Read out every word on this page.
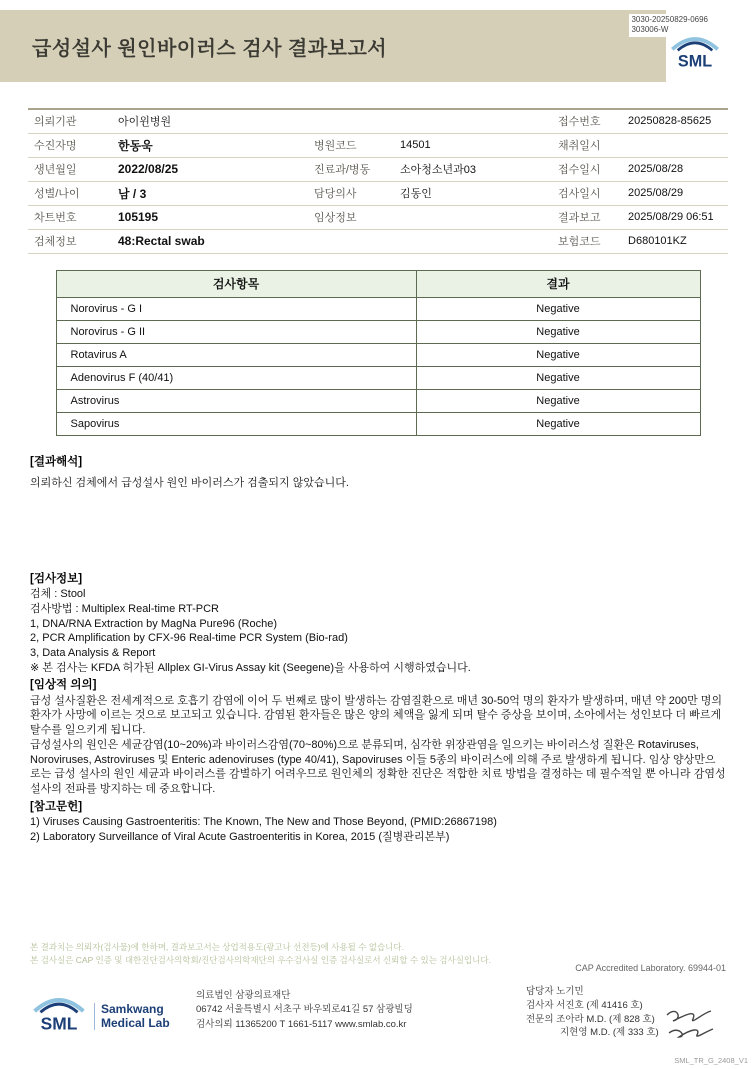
급성설사 원인바이러스 검사 결과보고서
3030-20250829-0696
303006-W
SML
의뢰기관	아이윈병원			접수번호	20250828-85625
수진자명	한동욱	병원코드	14501	채취일시	
생년월일	2022/08/25	진료과/병동	소아청소년과03	접수일시	2025/08/28
성별/나이	남 / 3	담당의사	김동인	검사일시	2025/08/29
차트번호	105195	임상정보		결과보고	2025/08/29 06:51
검체정보	48:Rectal swab			보험코드	D680101KZ
검사항목	결과
Norovirus - G I	Negative
Norovirus - G II	Negative
Rotavirus A	Negative
Adenovirus F (40/41)	Negative
Astrovirus	Negative
Sapovirus	Negative
[결과해석]
의뢰하신 검체에서 급성설사 원인 바이러스가 검출되지 않았습니다.
[검사정보]
검체 : Stool
검사방법 : Multiplex Real-time RT-PCR
1, DNA/RNA Extraction by MagNa Pure96 (Roche)
2, PCR Amplification by CFX-96 Real-time PCR System (Bio-rad)
3, Data Analysis & Report
※ 본 검사는 KFDA 허가된 Allplex GI-Virus Assay kit (Seegene)을 사용하여 시행하였습니다.
[임상적 의의]
급성 설사질환은 전세계적으로 호흡기 감염에 이어 두 번째로 많이 발생하는 감염질환으로 매년 30-50억 명의 환자가 발생하며, 매년 약 200만 명의 환자가 사망에 이르는 것으로 보고되고 있습니다. 감염된 환자들은 많은 양의 체액을 잃게 되며 탈수 증상을 보이며, 소아에서는 성인보다 더 빠르게 탈수를 일으키게 됩니다.
급성설사의 원인은 세균감염(10~20%)과 바이러스감염(70~80%)으로 분류되며, 심각한 위장관염을 일으키는 바이러스성 질환은 Rotaviruses, Noroviruses, Astroviruses 및 Enteric adenoviruses (type 40/41), Sapoviruses 이들 5종의 바이러스에 의해 주로 발생하게 됩니다. 임상 양상만으로는 급성 설사의 원인 세균과 바이러스를 감별하기 어려우므로 원인체의 정확한 진단은 적합한 치료 방법을 결정하는 데 필수적일 뿐 아니라 감염성 설사의 전파를 방지하는 데 중요합니다.
[참고문헌]
1) Viruses Causing Gastroenteritis: The Known, The New and Those Beyond, (PMID:26867198)
2) Laboratory Surveillance of Viral Acute Gastroenteritis in Korea, 2015 (질병관리본부)
본 결과치는 의뢰자(검사물)에 한하며, 결과보고서는 상업적용도(광고나 선전등)에 사용될 수 없습니다.
본 검사실은 CAP 인증 및 대한진단검사의학회/진단검사의학재단의 우수검사실 인증 검사실로서 신뢰할 수 있는 검사실입니다.
CAP Accredited Laboratory. 69944-01
SML
Samkwang
Medical Lab
의료법인 삼광의료재단
06742 서울특별시 서초구 바우뫼로41길 57 삼광빌딩
검사의뢰 11365200 T 1661-5117 www.smlab.co.kr
담당자 노기민
검사자 서진호 (제 41416 호)
전문의 조아라 M.D. (제 828 호)
지현영 M.D. (제 333 호)
SML_TR_G_2408_V1
